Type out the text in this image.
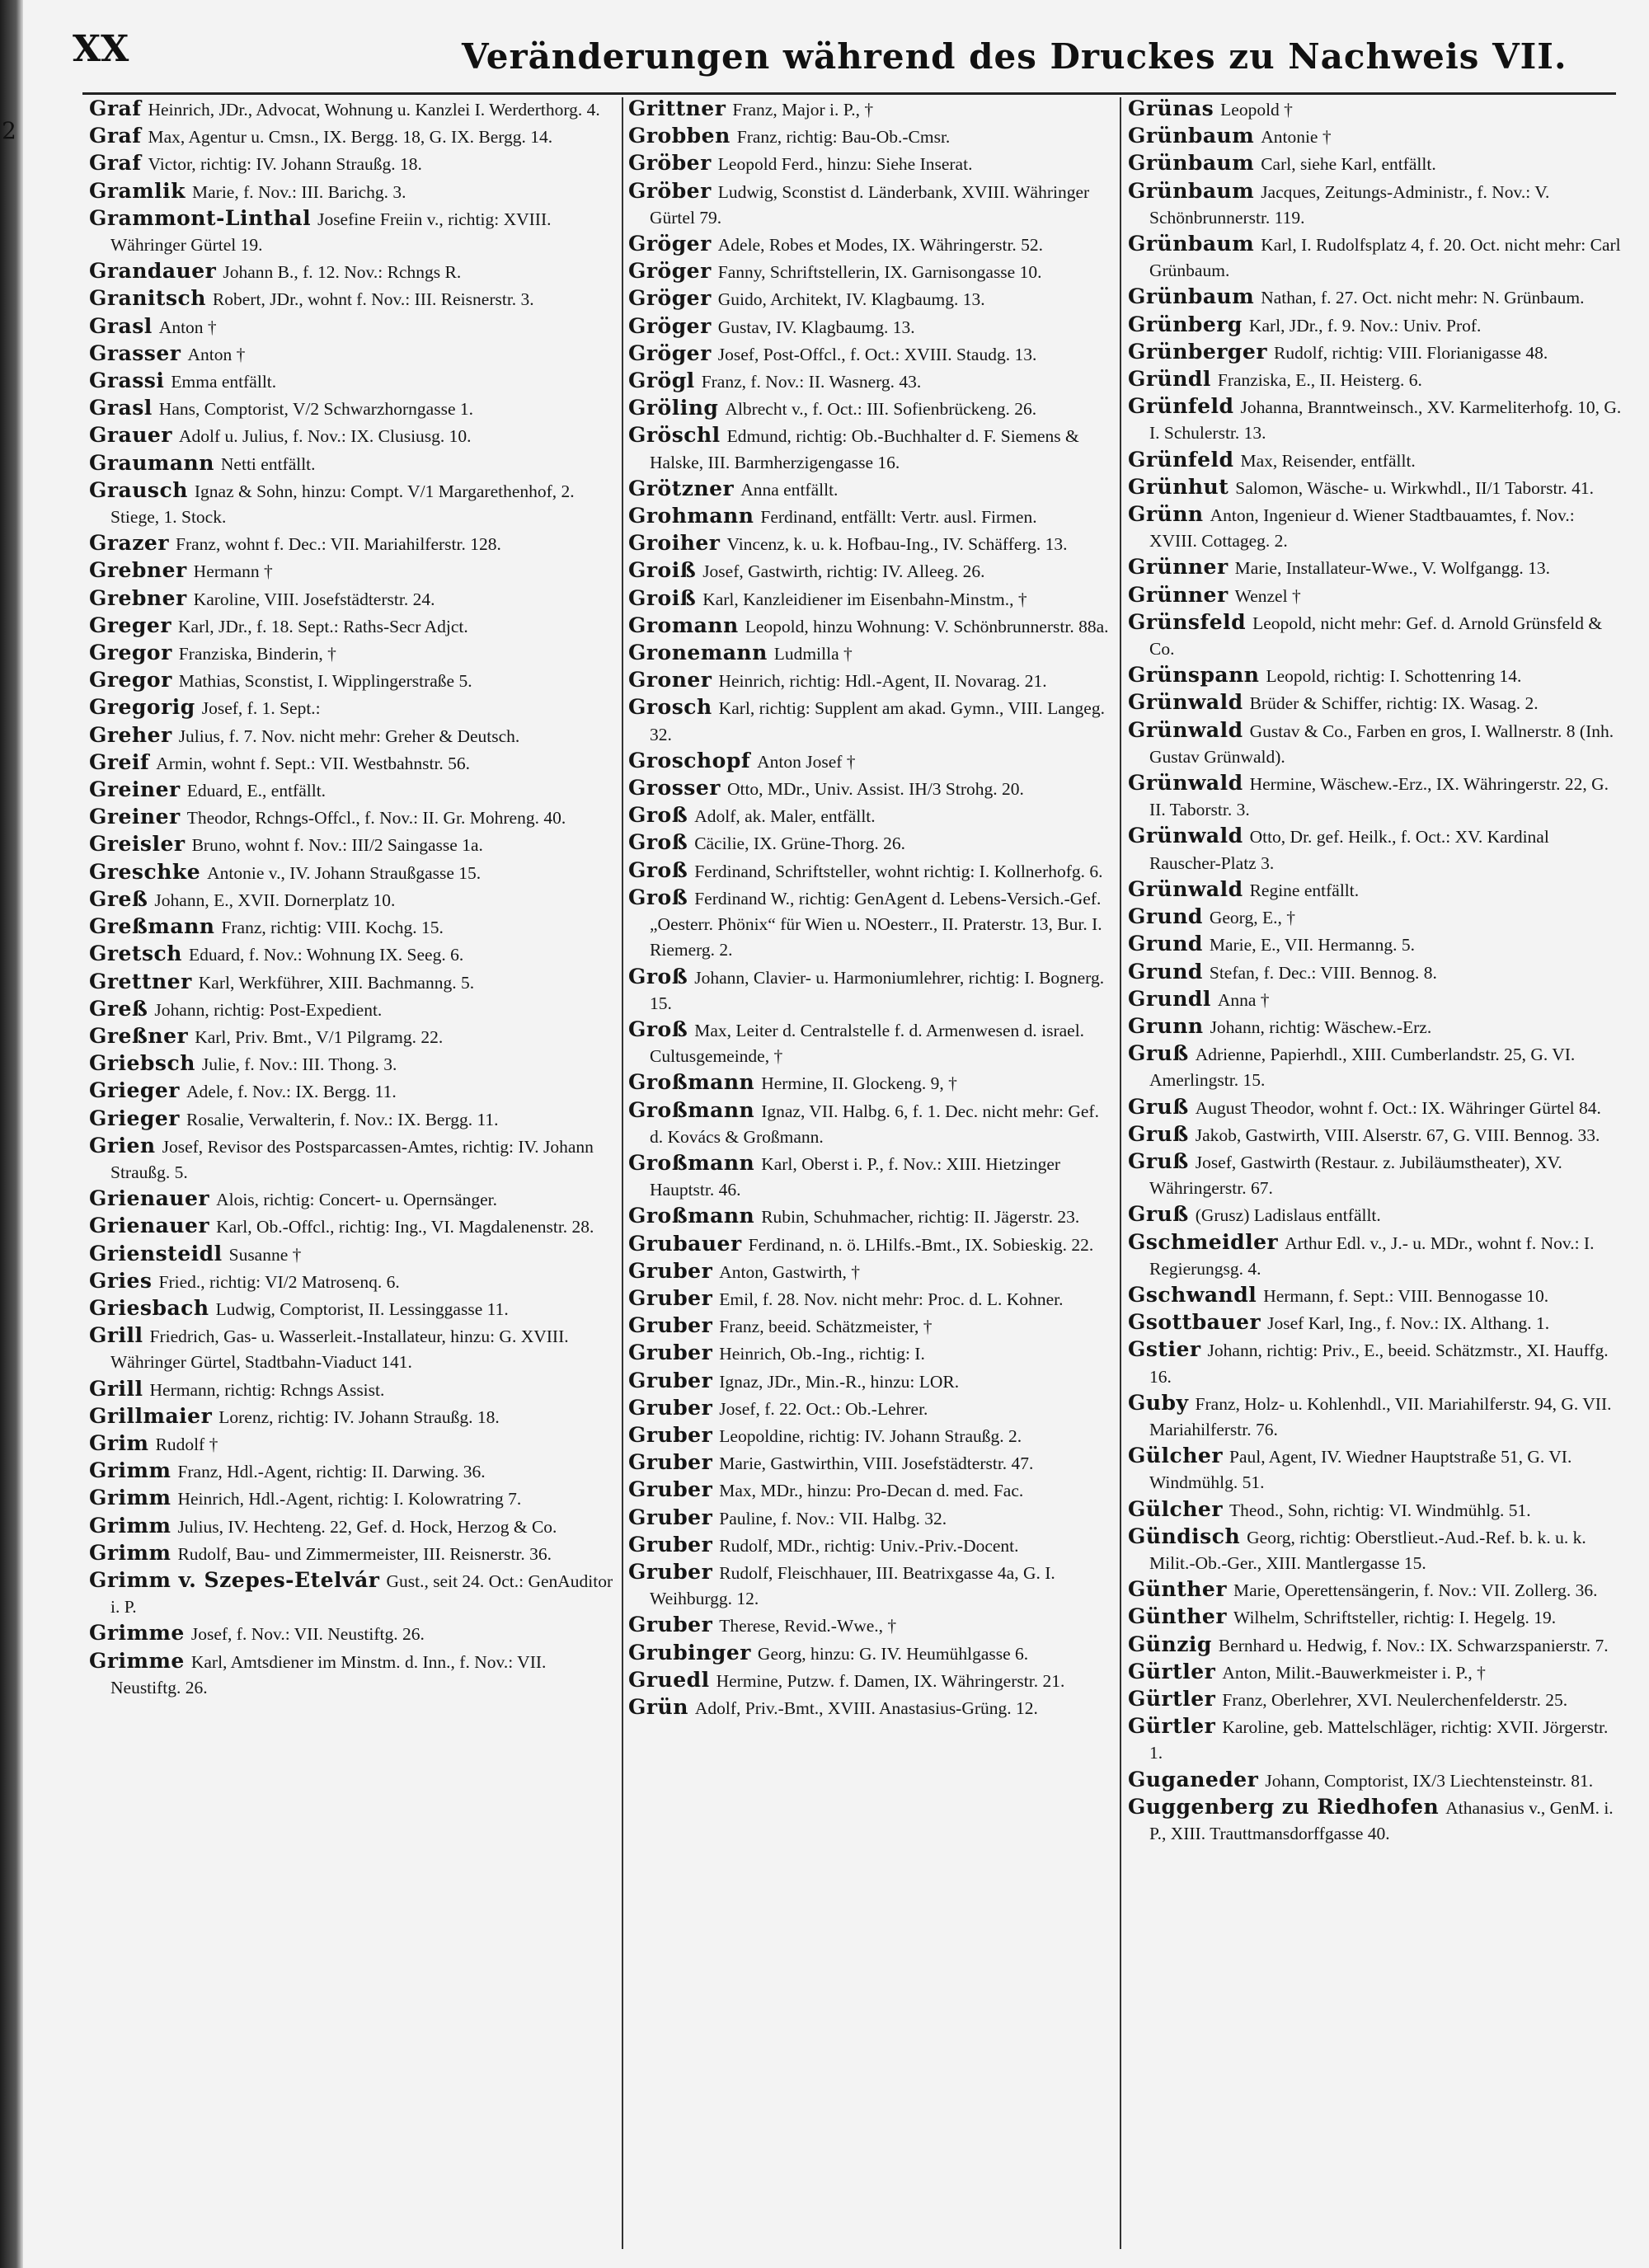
2
XX	Veränderungen während des Druckes zu Nachweis VII.

Graf Heinrich, JDr., Advocat, Wohnung u. Kanzlei I. Werderthorg. 4.

Graf Max, Agentur u. Cmsn., IX. Bergg. 18, G. IX. Bergg. 14.

Graf Victor, richtig: IV. Johann Straußg. 18.

Gramlik Marie, f. Nov.: III. Barichg. 3.

Grammont-Linthal Josefine Freiin v., richtig: XVIII. Währinger Gürtel 19.

Grandauer Johann B., f. 12. Nov.: Rchngs R.

Granitsch Robert, JDr., wohnt f. Nov.: III. Reisnerstr. 3.

Grasl Anton †

Grasser Anton †

Grassi Emma entfällt.

Grasl Hans, Comptorist, V/2 Schwarzhorngasse 1.

Grauer Adolf u. Julius, f. Nov.: IX. Clusiusg. 10.

Graumann Netti entfällt.

Grausch Ignaz & Sohn, hinzu: Compt. V/1 Margarethenhof, 2. Stiege, 1. Stock.

Grazer Franz, wohnt f. Dec.: VII. Mariahilferstr. 128.

Grebner Hermann †

Grebner Karoline, VIII. Josefstädterstr. 24.

Greger Karl, JDr., f. 18. Sept.: Raths-Secr Adjct.

Gregor Franziska, Binderin, †

Gregor Mathias, Sconstist, I. Wipplingerstraße 5.

Gregorig Josef, f. 1. Sept.:

Greher Julius, f. 7. Nov. nicht mehr: Greher & Deutsch.

Greif Armin, wohnt f. Sept.: VII. Westbahnstr. 56.

Greiner Eduard, E., entfällt.

Greiner Theodor, Rchngs-Offcl., f. Nov.: II. Gr. Mohreng. 40.

Greisler Bruno, wohnt f. Nov.: III/2 Saingasse 1a.

Greschke Antonie v., IV. Johann Straußgasse 15.

Greß Johann, E., XVII. Dornerplatz 10.

Greßmann Franz, richtig: VIII. Kochg. 15.

Gretsch Eduard, f. Nov.: Wohnung IX. Seeg. 6.

Grettner Karl, Werkführer, XIII. Bachmanng. 5.

Greß Johann, richtig: Post-Expedient.

Greßner Karl, Priv. Bmt., V/1 Pilgramg. 22.

Griebsch Julie, f. Nov.: III. Thong. 3.

Grieger Adele, f. Nov.: IX. Bergg. 11.

Grieger Rosalie, Verwalterin, f. Nov.: IX. Bergg. 11.

Grien Josef, Revisor des Postsparcassen-Amtes, richtig: IV. Johann Straußg. 5.

Grienauer Alois, richtig: Concert- u. Opernsänger.

Grienauer Karl, Ob.-Offcl., richtig: Ing., VI. Magdalenenstr. 28.

Griensteidl Susanne †

Gries Fried., richtig: VI/2 Matrosenq. 6.

Griesbach Ludwig, Comptorist, II. Lessinggasse 11.

Grill Friedrich, Gas- u. Wasserleit.-Installateur, hinzu: G. XVIII. Währinger Gürtel, Stadtbahn-Viaduct 141.

Grill Hermann, richtig: Rchngs Assist.

Grillmaier Lorenz, richtig: IV. Johann Straußg. 18.

Grim Rudolf †

Grimm Franz, Hdl.-Agent, richtig: II. Darwing. 36.

Grimm Heinrich, Hdl.-Agent, richtig: I. Kolowratring 7.

Grimm Julius, IV. Hechteng. 22, Gef. d. Hock, Herzog & Co.

Grimm Rudolf, Bau- und Zimmermeister, III. Reisnerstr. 36.

Grimm v. Szepes-Etelvár Gust., seit 24. Oct.: GenAuditor i. P.

Grimme Josef, f. Nov.: VII. Neustiftg. 26.

Grimme Karl, Amtsdiener im Minstm. d. Inn., f. Nov.: VII. Neustiftg. 26.

Grittner Franz, Major i. P., †

Grobben Franz, richtig: Bau-Ob.-Cmsr.

Gröber Leopold Ferd., hinzu: Siehe Inserat.

Gröber Ludwig, Sconstist d. Länderbank, XVIII. Währinger Gürtel 79.

Gröger Adele, Robes et Modes, IX. Währingerstr. 52.

Gröger Fanny, Schriftstellerin, IX. Garnisongasse 10.

Gröger Guido, Architekt, IV. Klagbaumg. 13.

Gröger Gustav, IV. Klagbaumg. 13.

Gröger Josef, Post-Offcl., f. Oct.: XVIII. Staudg. 13.

Grögl Franz, f. Nov.: II. Wasnerg. 43.

Gröling Albrecht v., f. Oct.: III. Sofienbrückeng. 26.

Gröschl Edmund, richtig: Ob.-Buchhalter d. F. Siemens & Halske, III. Barmherzigengasse 16.

Grötzner Anna entfällt.

Grohmann Ferdinand, entfällt: Vertr. ausl. Firmen.

Groiher Vincenz, k. u. k. Hofbau-Ing., IV. Schäfferg. 13.

Groiß Josef, Gastwirth, richtig: IV. Alleeg. 26.

Groiß Karl, Kanzleidiener im Eisenbahn-Minstm., †

Gromann Leopold, hinzu Wohnung: V. Schönbrunnerstr. 88a.

Gronemann Ludmilla †

Groner Heinrich, richtig: Hdl.-Agent, II. Novarag. 21.

Grosch Karl, richtig: Supplent am akad. Gymn., VIII. Langeg. 32.

Groschopf Anton Josef †

Grosser Otto, MDr., Univ. Assist. IH/3 Strohg. 20.

Groß Adolf, ak. Maler, entfällt.

Groß Cäcilie, IX. Grüne-Thorg. 26.

Groß Ferdinand, Schriftsteller, wohnt richtig: I. Kollnerhofg. 6.

Groß Ferdinand W., richtig: GenAgent d. Lebens-Versich.-Gef. „Oesterr. Phönix“ für Wien u. NOesterr., II. Praterstr. 13, Bur. I. Riemerg. 2.

Groß Johann, Clavier- u. Harmoniumlehrer, richtig: I. Bognerg. 15.

Groß Max, Leiter d. Centralstelle f. d. Armenwesen d. israel. Cultusgemeinde, †

Großmann Hermine, II. Glockeng. 9, †

Großmann Ignaz, VII. Halbg. 6, f. 1. Dec. nicht mehr: Gef. d. Kovács & Großmann.

Großmann Karl, Oberst i. P., f. Nov.: XIII. Hietzinger Hauptstr. 46.

Großmann Rubin, Schuhmacher, richtig: II. Jägerstr. 23.

Grubauer Ferdinand, n. ö. LHilfs.-Bmt., IX. Sobieskig. 22.

Gruber Anton, Gastwirth, †

Gruber Emil, f. 28. Nov. nicht mehr: Proc. d. L. Kohner.

Gruber Franz, beeid. Schätzmeister, †

Gruber Heinrich, Ob.-Ing., richtig: I.

Gruber Ignaz, JDr., Min.-R., hinzu: LOR.

Gruber Josef, f. 22. Oct.: Ob.-Lehrer.

Gruber Leopoldine, richtig: IV. Johann Straußg. 2.

Gruber Marie, Gastwirthin, VIII. Josefstädterstr. 47.

Gruber Max, MDr., hinzu: Pro-Decan d. med. Fac.

Gruber Pauline, f. Nov.: VII. Halbg. 32.

Gruber Rudolf, MDr., richtig: Univ.-Priv.-Docent.

Gruber Rudolf, Fleischhauer, III. Beatrixgasse 4a, G. I. Weihburgg. 12.

Gruber Therese, Revid.-Wwe., †

Grubinger Georg, hinzu: G. IV. Heumühlgasse 6.

Gruedl Hermine, Putzw. f. Damen, IX. Währingerstr. 21.

Grün Adolf, Priv.-Bmt., XVIII. Anastasius-Grüng. 12.

Grünas Leopold †

Grünbaum Antonie †

Grünbaum Carl, siehe Karl, entfällt.

Grünbaum Jacques, Zeitungs-Administr., f. Nov.: V. Schönbrunnerstr. 119.

Grünbaum Karl, I. Rudolfsplatz 4, f. 20. Oct. nicht mehr: Carl Grünbaum.

Grünbaum Nathan, f. 27. Oct. nicht mehr: N. Grünbaum.

Grünberg Karl, JDr., f. 9. Nov.: Univ. Prof.

Grünberger Rudolf, richtig: VIII. Florianigasse 48.

Gründl Franziska, E., II. Heisterg. 6.

Grünfeld Johanna, Branntweinsch., XV. Karmeliterhofg. 10, G. I. Schulerstr. 13.

Grünfeld Max, Reisender, entfällt.

Grünhut Salomon, Wäsche- u. Wirkwhdl., II/1 Taborstr. 41.

Grünn Anton, Ingenieur d. Wiener Stadtbauamtes, f. Nov.: XVIII. Cottageg. 2.

Grünner Marie, Installateur-Wwe., V. Wolfgangg. 13.

Grünner Wenzel †

Grünsfeld Leopold, nicht mehr: Gef. d. Arnold Grünsfeld & Co.

Grünspann Leopold, richtig: I. Schottenring 14.

Grünwald Brüder & Schiffer, richtig: IX. Wasag. 2.

Grünwald Gustav & Co., Farben en gros, I. Wallnerstr. 8 (Inh. Gustav Grünwald).

Grünwald Hermine, Wäschew.-Erz., IX. Währingerstr. 22, G. II. Taborstr. 3.

Grünwald Otto, Dr. gef. Heilk., f. Oct.: XV. Kardinal Rauscher-Platz 3.

Grünwald Regine entfällt.

Grund Georg, E., †

Grund Marie, E., VII. Hermanng. 5.

Grund Stefan, f. Dec.: VIII. Bennog. 8.

Grundl Anna †

Grunn Johann, richtig: Wäschew.-Erz.

Gruß Adrienne, Papierhdl., XIII. Cumberlandstr. 25, G. VI. Amerlingstr. 15.

Gruß August Theodor, wohnt f. Oct.: IX. Währinger Gürtel 84.

Gruß Jakob, Gastwirth, VIII. Alserstr. 67, G. VIII. Bennog. 33.

Gruß Josef, Gastwirth (Restaur. z. Jubiläumstheater), XV. Währingerstr. 67.

Gruß (Grusz) Ladislaus entfällt.

Gschmeidler Arthur Edl. v., J.- u. MDr., wohnt f. Nov.: I. Regierungsg. 4.

Gschwandl Hermann, f. Sept.: VIII. Bennogasse 10.

Gsottbauer Josef Karl, Ing., f. Nov.: IX. Althang. 1.

Gstier Johann, richtig: Priv., E., beeid. Schätzmstr., XI. Hauffg. 16.

Guby Franz, Holz- u. Kohlenhdl., VII. Mariahilferstr. 94, G. VII. Mariahilferstr. 76.

Gülcher Paul, Agent, IV. Wiedner Hauptstraße 51, G. VI. Windmühlg. 51.

Gülcher Theod., Sohn, richtig: VI. Windmühlg. 51.

Gündisch Georg, richtig: Oberstlieut.-Aud.-Ref. b. k. u. k. Milit.-Ob.-Ger., XIII. Mantlergasse 15.

Günther Marie, Operettensängerin, f. Nov.: VII. Zollerg. 36.

Günther Wilhelm, Schriftsteller, richtig: I. Hegelg. 19.

Günzig Bernhard u. Hedwig, f. Nov.: IX. Schwarzspanierstr. 7.

Gürtler Anton, Milit.-Bauwerkmeister i. P., †

Gürtler Franz, Oberlehrer, XVI. Neulerchenfelderstr. 25.

Gürtler Karoline, geb. Mattelschläger, richtig: XVII. Jörgerstr. 1.

Guganeder Johann, Comptorist, IX/3 Liechtensteinstr. 81.

Guggenberg zu Riedhofen Athanasius v., GenM. i. P., XIII. Trauttmansdorffgasse 40.
